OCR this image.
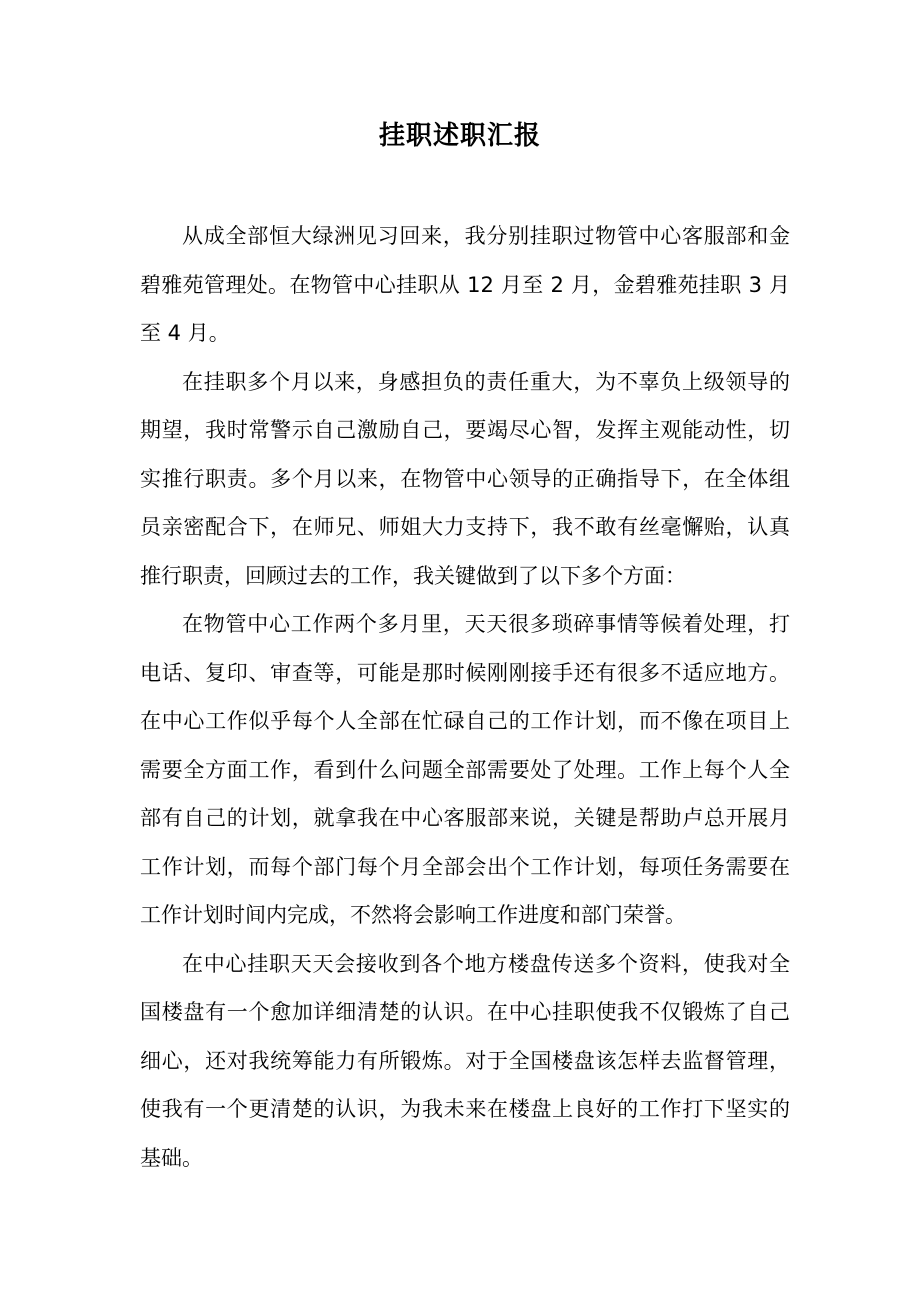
挂职述职汇报

从成全部恒大绿洲见习回来，我分别挂职过物管中心客服部和金碧雅苑管理处。在物管中心挂职从 12 月至 2 月，金碧雅苑挂职 3 月至 4 月。

在挂职多个月以来，身感担负的责任重大，为不辜负上级领导的期望，我时常警示自己激励自己，要竭尽心智，发挥主观能动性，切实推行职责。多个月以来，在物管中心领导的正确指导下，在全体组员亲密配合下，在师兄、师姐大力支持下，我不敢有丝毫懈贻，认真推行职责，回顾过去的工作，我关键做到了以下多个方面：

在物管中心工作两个多月里，天天很多琐碎事情等候着处理，打电话、复印、审查等，可能是那时候刚刚接手还有很多不适应地方。在中心工作似乎每个人全部在忙碌自己的工作计划，而不像在项目上需要全方面工作，看到什么问题全部需要处了处理。工作上每个人全部有自己的计划，就拿我在中心客服部来说，关键是帮助卢总开展月工作计划，而每个部门每个月全部会出个工作计划，每项任务需要在工作计划时间内完成，不然将会影响工作进度和部门荣誉。

在中心挂职天天会接收到各个地方楼盘传送多个资料，使我对全国楼盘有一个愈加详细清楚的认识。在中心挂职使我不仅锻炼了自己细心，还对我统筹能力有所锻炼。对于全国楼盘该怎样去监督管理，使我有一个更清楚的认识，为我未来在楼盘上良好的工作打下坚实的基础。
